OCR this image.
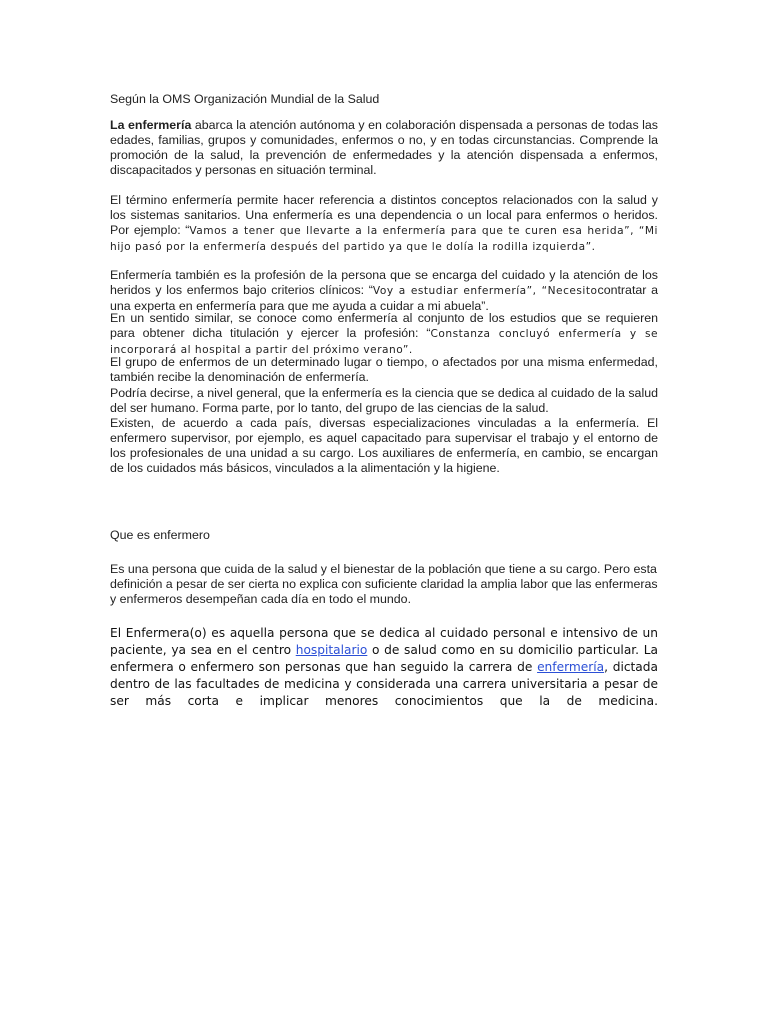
Según la OMS Organización Mundial de la Salud

La enfermería abarca la atención autónoma y en colaboración dispensada a personas de todas las edades, familias, grupos y comunidades, enfermos o no, y en todas circunstancias. Comprende la promoción de la salud, la prevención de enfermedades y la atención dispensada a enfermos, discapacitados y personas en situación terminal.

El término enfermería permite hacer referencia a distintos conceptos relacionados con la salud y los sistemas sanitarios. Una enfermería es una dependencia o un local para enfermos o heridos. Por ejemplo: “Vamos a tener que llevarte a la enfermería para que te curen esa herida”, “Mi hijo pasó por la enfermería después del partido ya que le dolía la rodilla izquierda”.

Enfermería también es la profesión de la persona que se encarga del cuidado y la atención de los heridos y los enfermos bajo criterios clínicos: “Voy a estudiar enfermería”, “Necesitocontratar a una experta en enfermería para que me ayuda a cuidar a mi abuela”.

En un sentido similar, se conoce como enfermería al conjunto de los estudios que se requieren para obtener dicha titulación y ejercer la profesión: “Constanza concluyó enfermería y se incorporará al hospital a partir del próximo verano”.

El grupo de enfermos de un determinado lugar o tiempo, o afectados por una misma enfermedad, también recibe la denominación de enfermería.

Podría decirse, a nivel general, que la enfermería es la ciencia que se dedica al cuidado de la salud del ser humano. Forma parte, por lo tanto, del grupo de las ciencias de la salud.

Existen, de acuerdo a cada país, diversas especializaciones vinculadas a la enfermería. El enfermero supervisor, por ejemplo, es aquel capacitado para supervisar el trabajo y el entorno de los profesionales de una unidad a su cargo. Los auxiliares de enfermería, en cambio, se encargan de los cuidados más básicos, vinculados a la alimentación y la higiene.

Que es enfermero

Es una persona que cuida de la salud y el bienestar de la población que tiene a su cargo. Pero esta definición a pesar de ser cierta no explica con suficiente claridad la amplia labor que las enfermeras y enfermeros desempeñan cada día en todo el mundo.

El Enfermera(o) es aquella persona que se dedica al cuidado personal e intensivo de un paciente, ya sea en el centro hospitalario o de salud como en su domicilio particular. La enfermera o enfermero son personas que han seguido la carrera de enfermería, dictada dentro de las facultades de medicina y considerada una carrera universitaria a pesar de ser más corta e implicar menores conocimientos que la de medicina.
